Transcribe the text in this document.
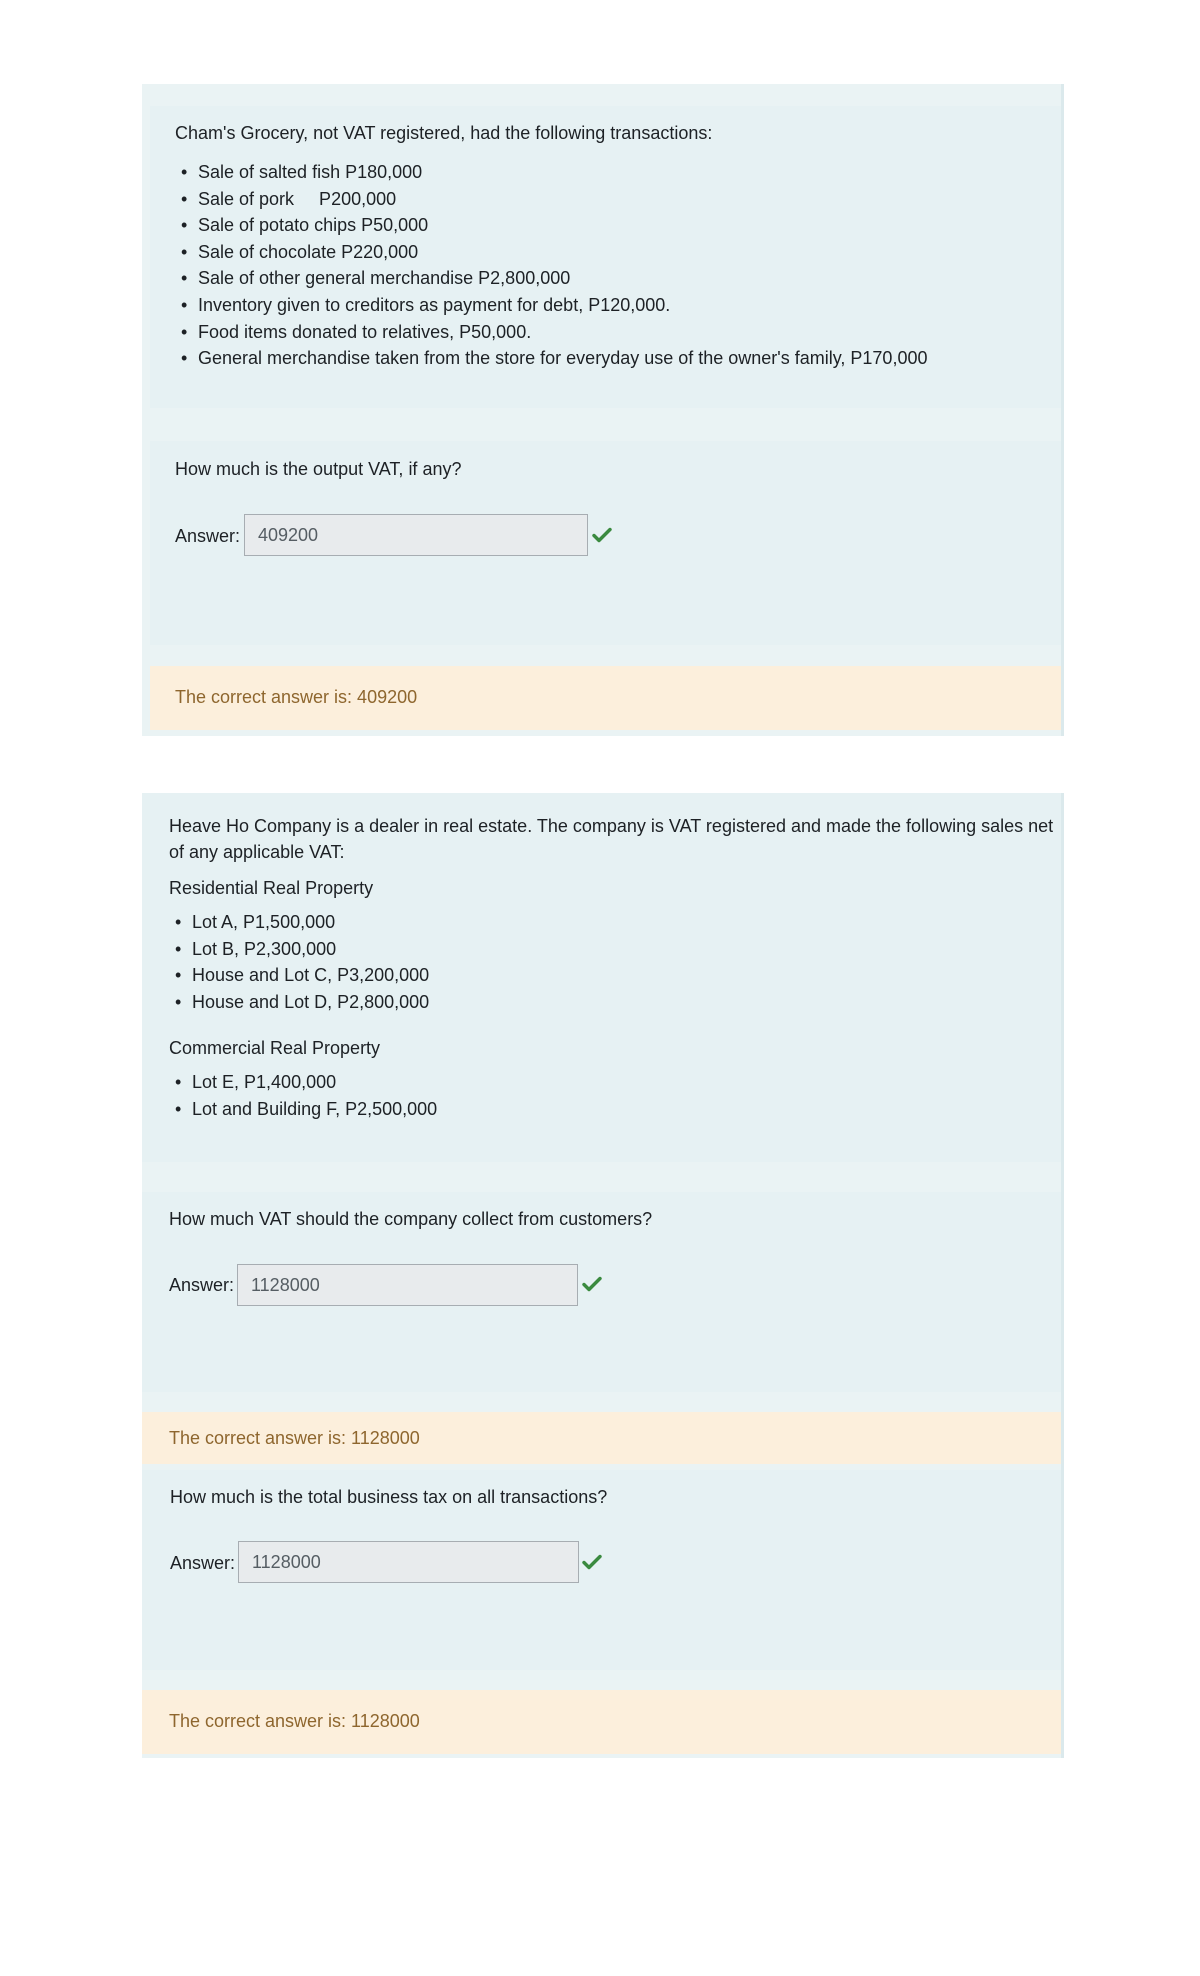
Cham's Grocery, not VAT registered, had the following transactions:

• Sale of salted fish P180,000
• Sale of pork     P200,000
• Sale of potato chips P50,000
• Sale of chocolate P220,000
• Sale of other general merchandise P2,800,000
• Inventory given to creditors as payment for debt, P120,000.
• Food items donated to relatives, P50,000.
• General merchandise taken from the store for everyday use of the owner's family, P170,000

How much is the output VAT, if any?

Answer: 409200
The correct answer is: 409200

Heave Ho Company is a dealer in real estate. The company is VAT registered and made the following sales net

of any applicable VAT:

Residential Real Property

• Lot A, P1,500,000
• Lot B, P2,300,000
• House and Lot C, P3,200,000
• House and Lot D, P2,800,000

Commercial Real Property

• Lot E, P1,400,000
• Lot and Building F, P2,500,000

How much VAT should the company collect from customers?

Answer: 1128000
The correct answer is: 1128000

How much is the total business tax on all transactions?

Answer: 1128000
The correct answer is: 1128000
